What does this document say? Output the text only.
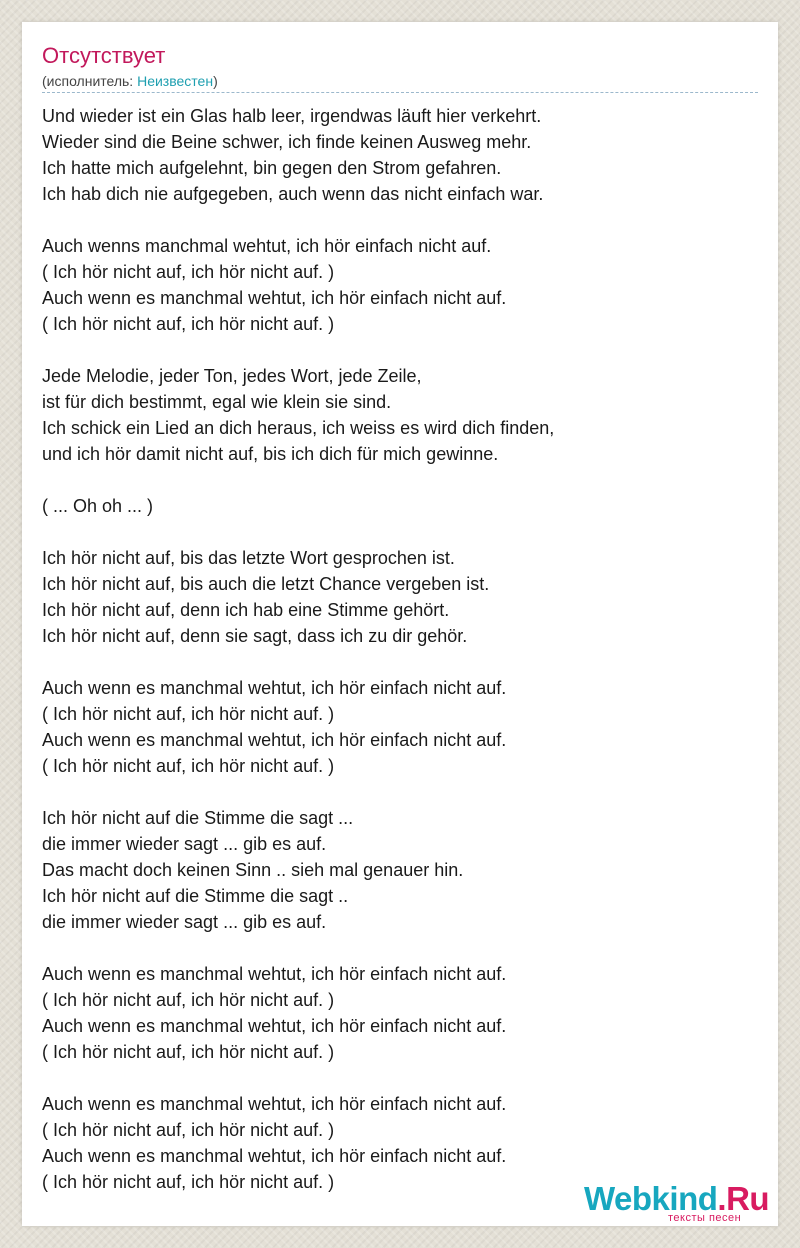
Отсутствует
(исполнитель: Неизвестен)
Und wieder ist ein Glas halb leer, irgendwas läuft hier verkehrt.
Wieder sind die Beine schwer, ich finde keinen Ausweg mehr.
Ich hatte mich aufgelehnt, bin gegen den Strom gefahren.
Ich hab dich nie aufgegeben, auch wenn das nicht einfach war.
Auch wenns manchmal wehtut, ich hör einfach nicht auf.
( Ich hör nicht auf, ich hör nicht auf. )
Auch wenn es manchmal wehtut, ich hör einfach nicht auf.
( Ich hör nicht auf, ich hör nicht auf. )
Jede Melodie, jeder Ton, jedes Wort, jede Zeile,
ist für dich bestimmt, egal wie klein sie sind.
Ich schick ein Lied an dich heraus, ich weiss es wird dich finden,
und ich hör damit nicht auf, bis ich dich für mich gewinne.
( ... Oh oh ... )
Ich hör nicht auf, bis das letzte Wort gesprochen ist.
Ich hör nicht auf, bis auch die letzt Chance vergeben ist.
Ich hör nicht auf, denn ich hab eine Stimme gehört.
Ich hör nicht auf, denn sie sagt, dass ich zu dir gehör.
Auch wenn es manchmal wehtut, ich hör einfach nicht auf.
( Ich hör nicht auf, ich hör nicht auf. )
Auch wenn es manchmal wehtut, ich hör einfach nicht auf.
( Ich hör nicht auf, ich hör nicht auf. )
Ich hör nicht auf die Stimme die sagt ...
die immer wieder sagt ... gib es auf.
Das macht doch keinen Sinn .. sieh mal genauer hin.
Ich hör nicht auf die Stimme die sagt ..
die immer wieder sagt ... gib es auf.
Auch wenn es manchmal wehtut, ich hör einfach nicht auf.
( Ich hör nicht auf, ich hör nicht auf. )
Auch wenn es manchmal wehtut, ich hör einfach nicht auf.
( Ich hör nicht auf, ich hör nicht auf. )
Auch wenn es manchmal wehtut, ich hör einfach nicht auf.
( Ich hör nicht auf, ich hör nicht auf. )
Auch wenn es manchmal wehtut, ich hör einfach nicht auf.
( Ich hör nicht auf, ich hör nicht auf. )	Webkind.Ru
тексты песен
